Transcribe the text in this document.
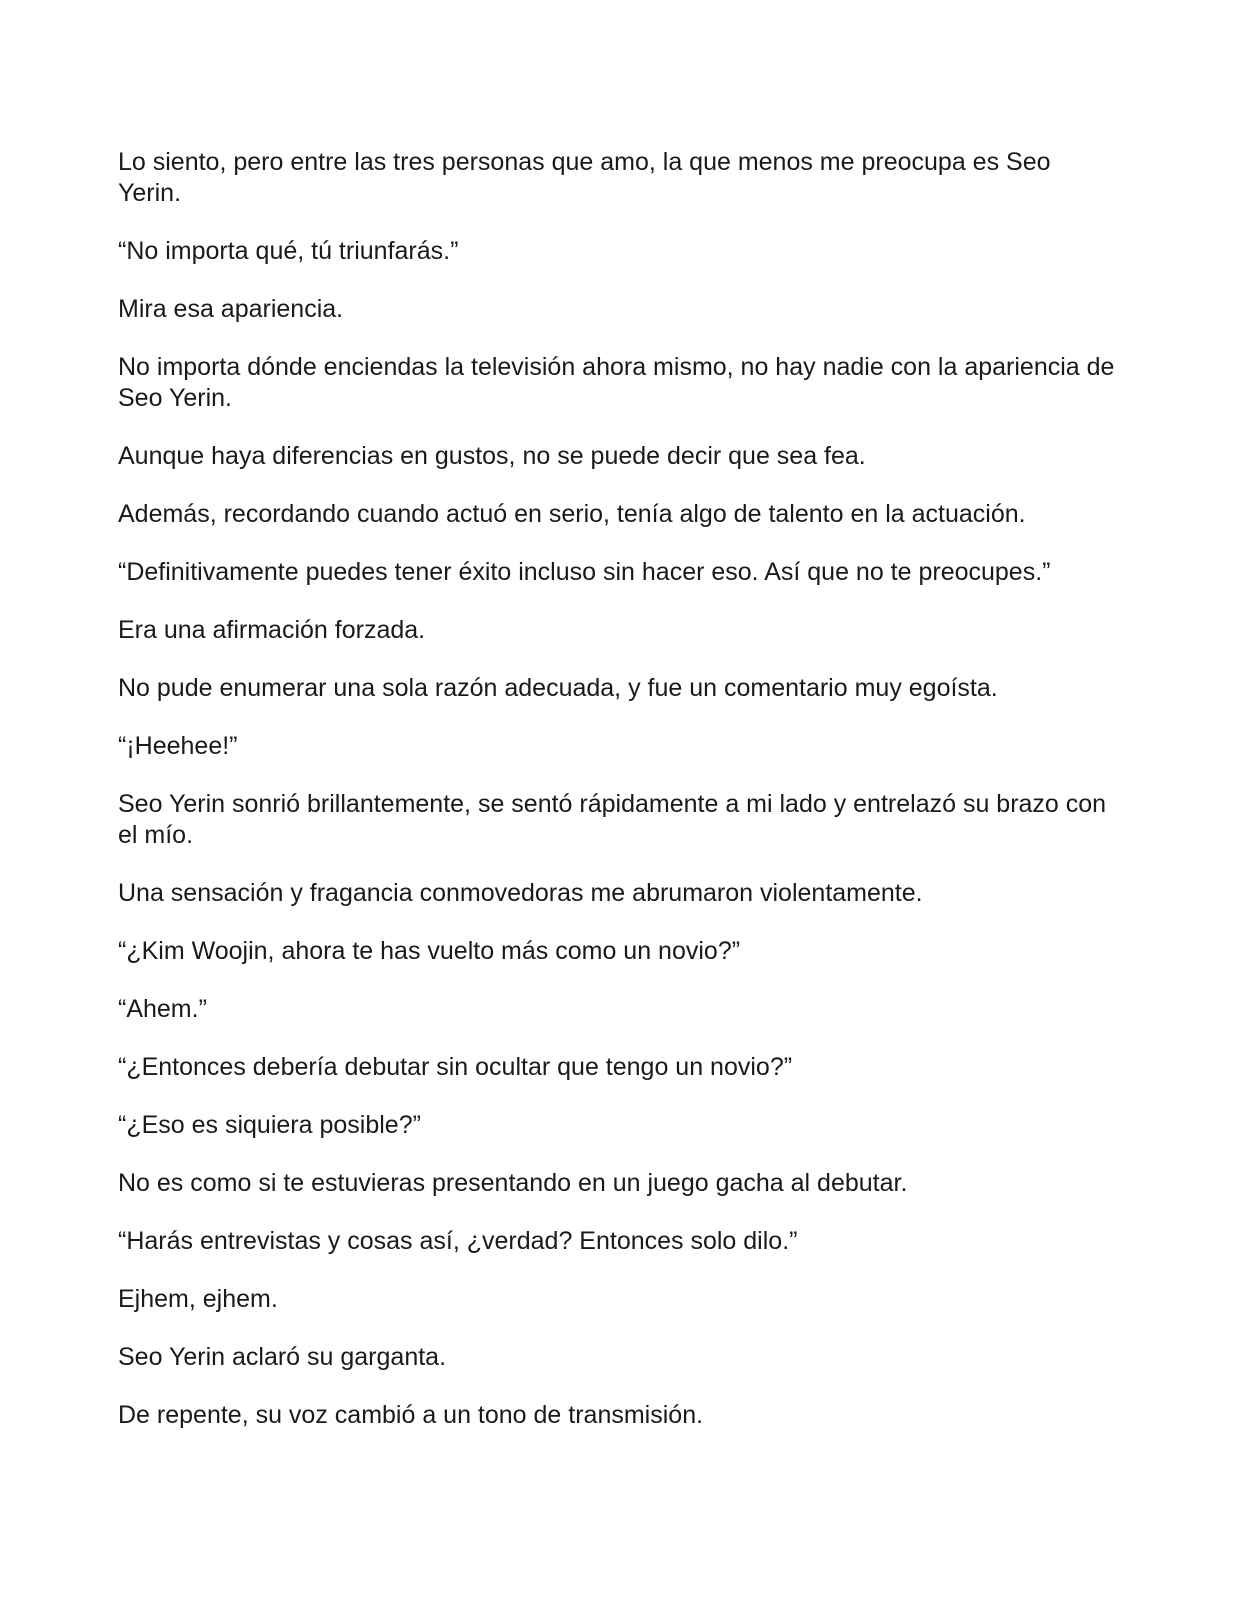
Lo siento, pero entre las tres personas que amo, la que menos me preocupa es Seo Yerin.

“No importa qué, tú triunfarás.”

Mira esa apariencia.

No importa dónde enciendas la televisión ahora mismo, no hay nadie con la apariencia de Seo Yerin.

Aunque haya diferencias en gustos, no se puede decir que sea fea.

Además, recordando cuando actuó en serio, tenía algo de talento en la actuación.

“Definitivamente puedes tener éxito incluso sin hacer eso. Así que no te preocupes.”

Era una afirmación forzada.

No pude enumerar una sola razón adecuada, y fue un comentario muy egoísta.

“¡Heehee!”

Seo Yerin sonrió brillantemente, se sentó rápidamente a mi lado y entrelazó su brazo con el mío.

Una sensación y fragancia conmovedoras me abrumaron violentamente.

“¿Kim Woojin, ahora te has vuelto más como un novio?”

“Ahem.”

“¿Entonces debería debutar sin ocultar que tengo un novio?”

“¿Eso es siquiera posible?”

No es como si te estuvieras presentando en un juego gacha al debutar.

“Harás entrevistas y cosas así, ¿verdad? Entonces solo dilo.”

Ejhem, ejhem.

Seo Yerin aclaró su garganta.

De repente, su voz cambió a un tono de transmisión.
